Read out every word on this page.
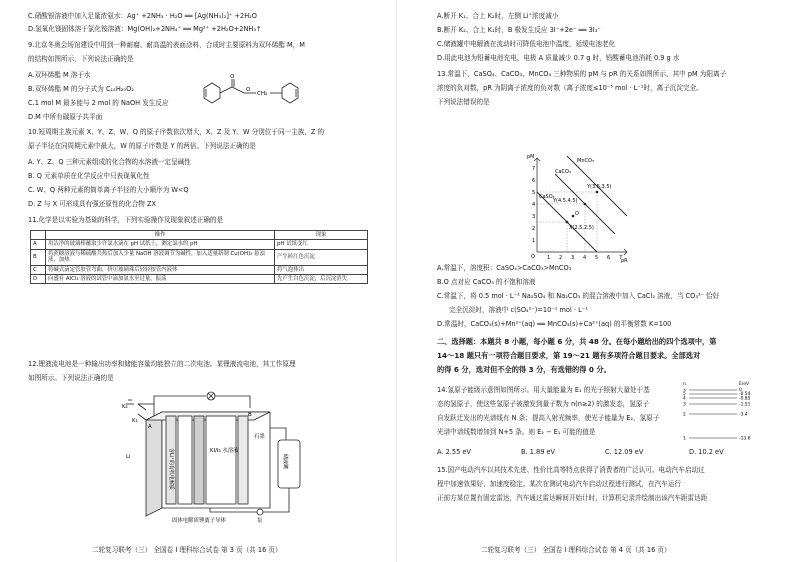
C.硝酸银溶液中加入足量浓氨水：Ag⁺ +2NH₃ · H₂O ══ [Ag(NH₃)₂]⁺ +2H₂O
D.氢氧化镁固体溶于氯化铵溶液：Mg(OH)₂+2NH₄⁺ ══ Mg²⁺ +2H₂O+2NH₃↑
9.北京冬奥会场馆建设中用到一种耐腐、耐高温的表面涂料，合成时主要原料为双环烯酯 M，M
的结构如图所示，下列说法正确的是
A.双环烯酯 M 溶于水
B.双环烯酯 M 的分子式为 C₁₄H₂₀O₂
C.1 mol M 最多能与 2 mol 的 NaOH 发生反应
D.M 中所有碳原子共平面
O
O
CH₂
10.短周期主族元素 X、Y、Z、W、Q 的原子序数依次增大，X、Z 及 Y、W 分别位于同一主族，Z 的
原子半径在同周期元素中最大，W 的原子序数是 Y 的两倍。下列说法正确的是
A. Y、Z、Q 三种元素组成的化合物的水溶液一定呈碱性
B. Q 元素单质在化学反应中只表现氧化性
C. W、Q 两种元素的简单离子半径的大小顺序为 W<Q
D. Z 与 X 可形成具有强还原性的化合物 ZX
11.化学是以实验为基础的科学，下列实验操作及现象叙述正确的是
	操作	现象
A	用洁净的玻璃棒蘸取少许氯水滴在 pH 试纸上，测定氯水的 pH	pH 试纸变红
B	将蔗糖溶液与稀硫酸共热后加入少量 NaOH 溶液调节为碱性，加入适量新制 Cu(OH)₂ 悬浊液，加热	产生砖红色沉淀
C	将碱式滴定管胶管弯曲，挤压玻璃珠后轻轻按管内液体	将气泡排出
D	向盛有 AlCl₃ 溶液的试管中滴加氨水至过量，振荡	先产生白色沉淀，后沉淀消失
12.锂液流电池是一种输出功率和储能容量均能独立的二次电池。某锂液流电池，其工作原理
如图所示。下列说法正确的是
K₂
K₁
Li
A
B
石墨
含Li⁺的有机电解质	KI/I₃ 水溶液
储液罐
泵
固体电解质锂离子导体
二轮复习联考（三） 全国卷 Ⅰ 理科综合试卷 第 3 页（共 16 页）
A.断开 K₁、合上 K₂时，左侧 Li⁺浓度减小
B.断开 K₂、合上 K₁时，B 极发生反应 3I⁻+2e⁻ ══ 3I₃⁻
C.储液罐中电解液在流动时可降低电池中温度，延缓电池老化
D.用此电池为铅蓄电池充电，电极 A 质量减少 0.7 g 时，铅酸蓄电池消耗 0.9 g 水
13.常温下，CaSO₄、CaCO₃、MnCO₃ 三种物质的 pM 与 pR 的关系如图所示，其中 pM 为阳离子
浓度的负对数，pR 为阴离子浓度的负对数（离子浓度≤10⁻⁵ mol · L⁻¹时，离子沉淀完全。
下列说法错误的是
pM
pR
O
1
2
3
4
5
6
7
1 2 3 4 5 6 7
MnCO₃
CaCO₃
CaSO₄
Y(3.5,3.5)
Y(4.5,4.5)
X(2.5,2.5)
O
A.常温下，溶度积：CaSO₄>CaCO₃>MnCO₃
B.O 点对应 CaCO₃ 的不饱和溶液
C.常温下，将 0.5 mol · L⁻¹ Na₂SO₄ 和 Na₂CO₃ 的混合溶液中加入 CaCl₂ 溶液，当 CO₃²⁻ 恰好
完全沉淀时，溶液中 c(SO₄²⁻)=10⁻¹ mol · L⁻¹
D.常温时，CaCO₃(s)+Mn²⁺(aq) ══ MnCO₃(s)+Ca²⁺(aq) 的平衡常数 K=100
二、选择题：本题共 8 小题，每小题 6 分，共 48 分。在每小题给出的四个选项中，第
14～18 题只有一项符合题目要求，第 19～21 题有多项符合题目要求。全部选对
的得 6 分，选对但不全的得 3 分，有选错的得 0 分。
14.氢原子能级示意图如图所示。用大量能量为 E₁ 的光子照射大量处于基
态的氢原子，使这些氢原子被激发到量子数为 n(n≥2) 的激发态，氢原子
自发跃迁发出的光谱线有 N 条；提高入射光频率，使光子能量为 E₂，氢原子
光谱中谱线数增加到 N+5 条。则 E₂ − E₁ 可能的值是
A. 2.55 eV	B. 1.89 eV	C. 12.09 eV	D. 10.2 eV
n	E/eV
∞	0
5	-0.54
4	-0.85
3	-1.51
2	-3.4
1	-13.6
15.国产电动汽车以其技术先进、性价比高等特点获得了消费者的广泛认可。电动汽车启动过
程中加速效果好，加速度稳定。某次在测试电动汽车启动过程进行测试，在汽车运行
正前方某位置有固定雷达，汽车通过雷达瞬间开始计时，计算机记录并绘制出该汽车距雷达距
二轮复习联考（三） 全国卷 Ⅰ 理科综合试卷 第 4 页（共 16 页）
